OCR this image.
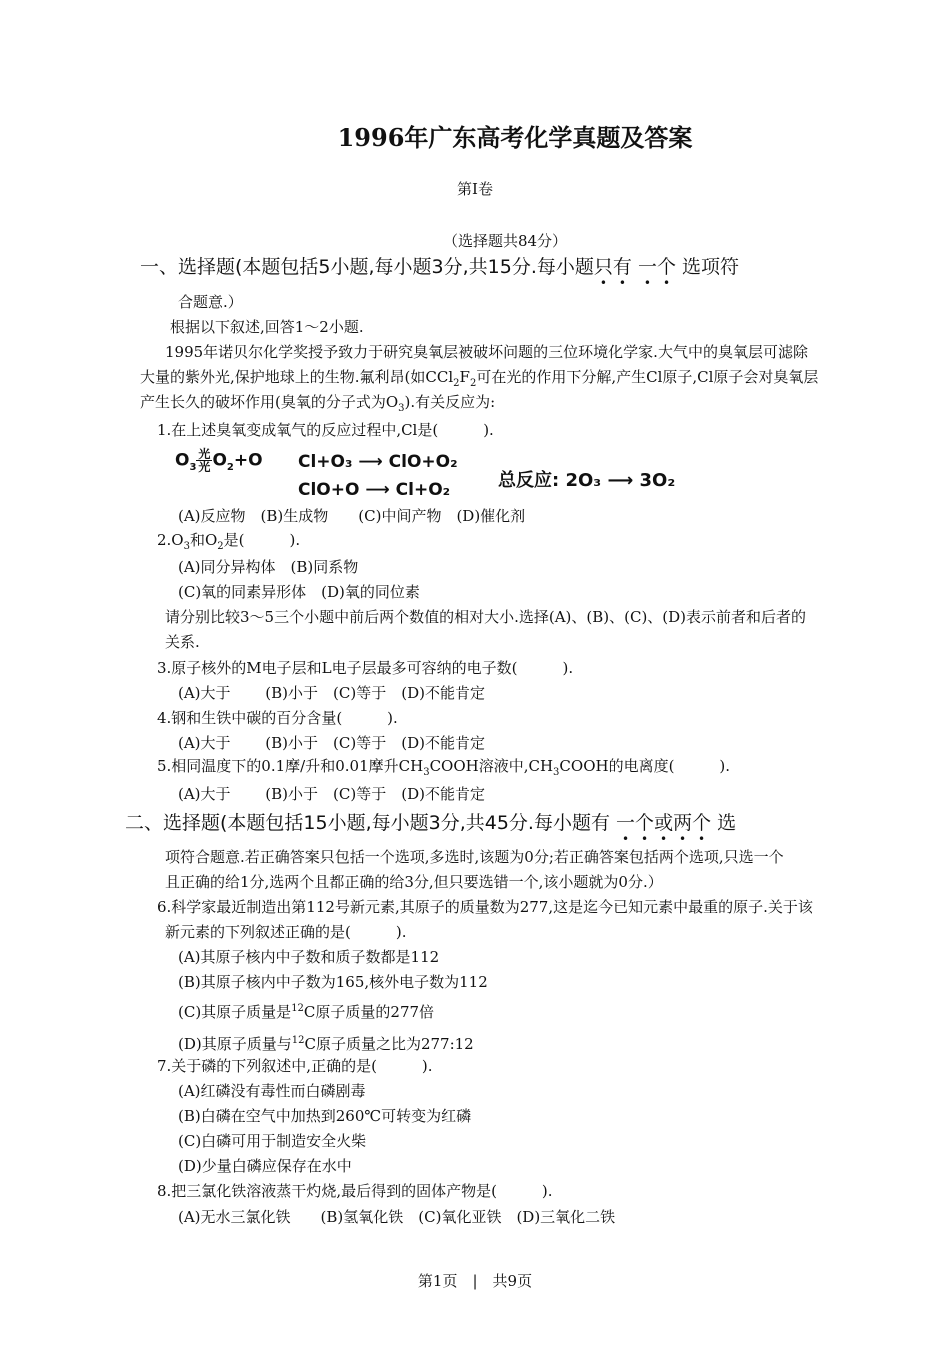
1996年广东高考化学真题及答案
第I卷
（选择题共84分）
一、选择题(本题包括5小题,每小题3分,共15分.每小题只有 一个 选项符
合题意.）
根据以下叙述,回答1～2小题.
1995年诺贝尔化学奖授予致力于研究臭氧层被破坏问题的三位环境化学家.大气中的臭氧层可滤除
大量的紫外光,保护地球上的生物.氟利昂(如$CCl_2F_2$可在光的作用下分解,产生Cl原子,Cl原子会对臭氧层
产生长久的破坏作用(臭氧的分子式为$O_3$).有关反应为:
1.在上述臭氧变成氧气的反应过程中,Cl是(　　　).
$O_3 \frac{\text{光}}{\text{光}} O_2+O$ Cl+O₃ ⟶ ClO+O₂
ClO+O ⟶ Cl+O₂	总反应: 2O₃ ⟶ 3O₂
(A)反应物　(B)生成物　　(C)中间产物　(D)催化剂
$2.O_3$和$O_2$是(　　　).
(A)同分异构体　(B)同系物
(C)氧的同素异形体　(D)氧的同位素
请分别比较3～5三个小题中前后两个数值的相对大小.选择(A)、(B)、(C)、(D)表示前者和后者的
关系.
3.原子核外的M电子层和L电子层最多可容纳的电子数(　　　).
(A)大于　　 (B)小于　(C)等于　(D)不能肯定
4.钢和生铁中碳的百分含量(　　　).
(A)大于　　 (B)小于　(C)等于　(D)不能肯定
5.相同温度下的0.1摩/升和0.01摩升$CH_3COOH$溶液中$,CH_3COOH$的电离度(　　　).
(A)大于　　 (B)小于　(C)等于　(D)不能肯定
二、选择题(本题包括15小题,每小题3分,共45分.每小题有 一个或两个 选
项符合题意.若正确答案只包括一个选项,多选时,该题为0分;若正确答案包括两个选项,只选一个
且正确的给1分,选两个且都正确的给3分,但只要选错一个,该小题就为0分.）
6.科学家最近制造出第112号新元素,其原子的质量数为277,这是迄今已知元素中最重的原子.关于该
新元素的下列叙述正确的是(　　　).
(A)其原子核内中子数和质子数都是112
(B)其原子核内中子数为165,核外电子数为112
(C)其原子质量是$^{12}$C原子质量的277倍
(D)其原子质量与$^{12}$C原子质量之比为277:12
7.关于磷的下列叙述中,正确的是(　　　).
(A)红磷没有毒性而白磷剧毒
(B)白磷在空气中加热到260℃可转变为红磷
(C)白磷可用于制造安全火柴
(D)少量白磷应保存在水中
8.把三氯化铁溶液蒸干灼烧,最后得到的固体产物是(　　　).
(A)无水三氯化铁　　(B)氢氧化铁　(C)氧化亚铁　(D)三氧化二铁
第1页　|　共9页
